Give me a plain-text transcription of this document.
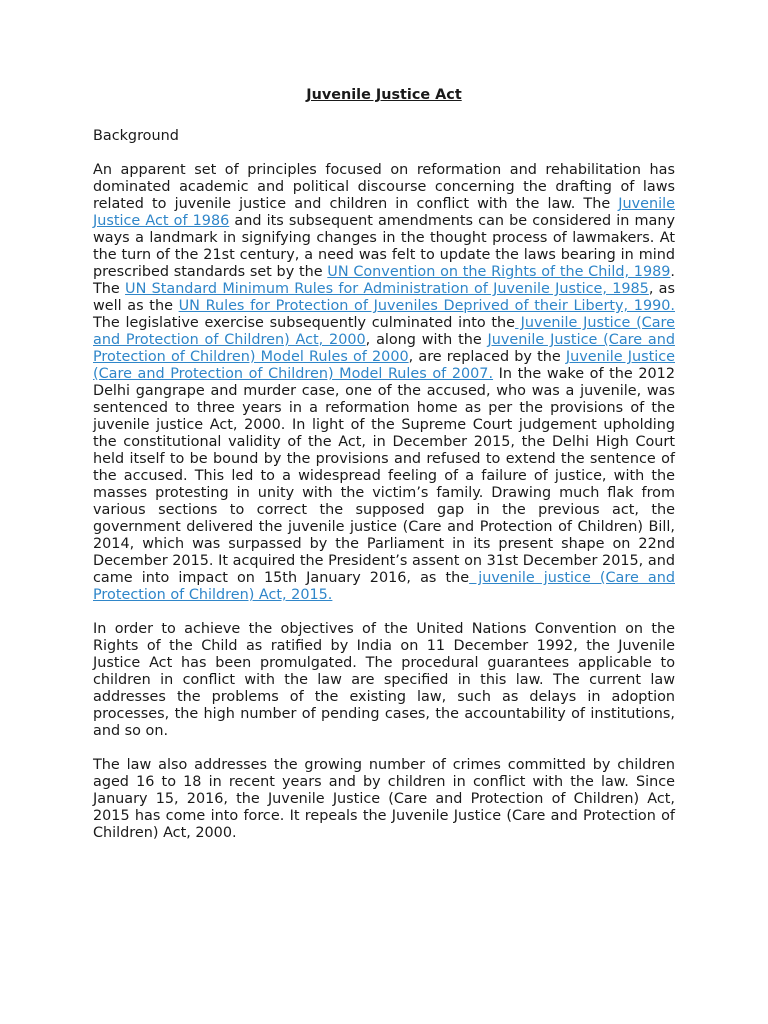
Juvenile Justice Act
Background
An apparent set of principles focused on reformation and rehabilitation has dominated academic and political discourse concerning the drafting of laws related to juvenile justice and children in conflict with the law. The Juvenile Justice Act of 1986 and its subsequent amendments can be considered in many ways a landmark in signifying changes in the thought process of lawmakers. At the turn of the 21st century, a need was felt to update the laws bearing in mind prescribed standards set by the UN Convention on the Rights of the Child, 1989. The UN Standard Minimum Rules for Administration of Juvenile Justice, 1985, as well as the UN Rules for Protection of Juveniles Deprived of their Liberty, 1990. The legislative exercise subsequently culminated into the Juvenile Justice (Care and Protection of Children) Act, 2000, along with the Juvenile Justice (Care and Protection of Children) Model Rules of 2000, are replaced by the Juvenile Justice (Care and Protection of Children) Model Rules of 2007. In the wake of the 2012 Delhi gangrape and murder case, one of the accused, who was a juvenile, was sentenced to three years in a reformation home as per the provisions of the juvenile justice Act, 2000. In light of the Supreme Court judgement upholding the constitutional validity of the Act, in December 2015, the Delhi High Court held itself to be bound by the provisions and refused to extend the sentence of the accused. This led to a widespread feeling of a failure of justice, with the masses protesting in unity with the victim’s family. Drawing much flak from various sections to correct the supposed gap in the previous act, the government delivered the juvenile justice (Care and Protection of Children) Bill, 2014, which was surpassed by the Parliament in its present shape on 22nd December 2015. It acquired the President’s assent on 31st December 2015, and came into impact on 15th January 2016, as the juvenile justice (Care and Protection of Children) Act, 2015.
In order to achieve the objectives of the United Nations Convention on the Rights of the Child as ratified by India on 11 December 1992, the Juvenile Justice Act has been promulgated. The procedural guarantees applicable to children in conflict with the law are specified in this law. The current law addresses the problems of the existing law, such as delays in adoption processes, the high number of pending cases, the accountability of institutions, and so on.
The law also addresses the growing number of crimes committed by children aged 16 to 18 in recent years and by children in conflict with the law. Since January 15, 2016, the Juvenile Justice (Care and Protection of Children) Act, 2015 has come into force. It repeals the Juvenile Justice (Care and Protection of Children) Act, 2000.
